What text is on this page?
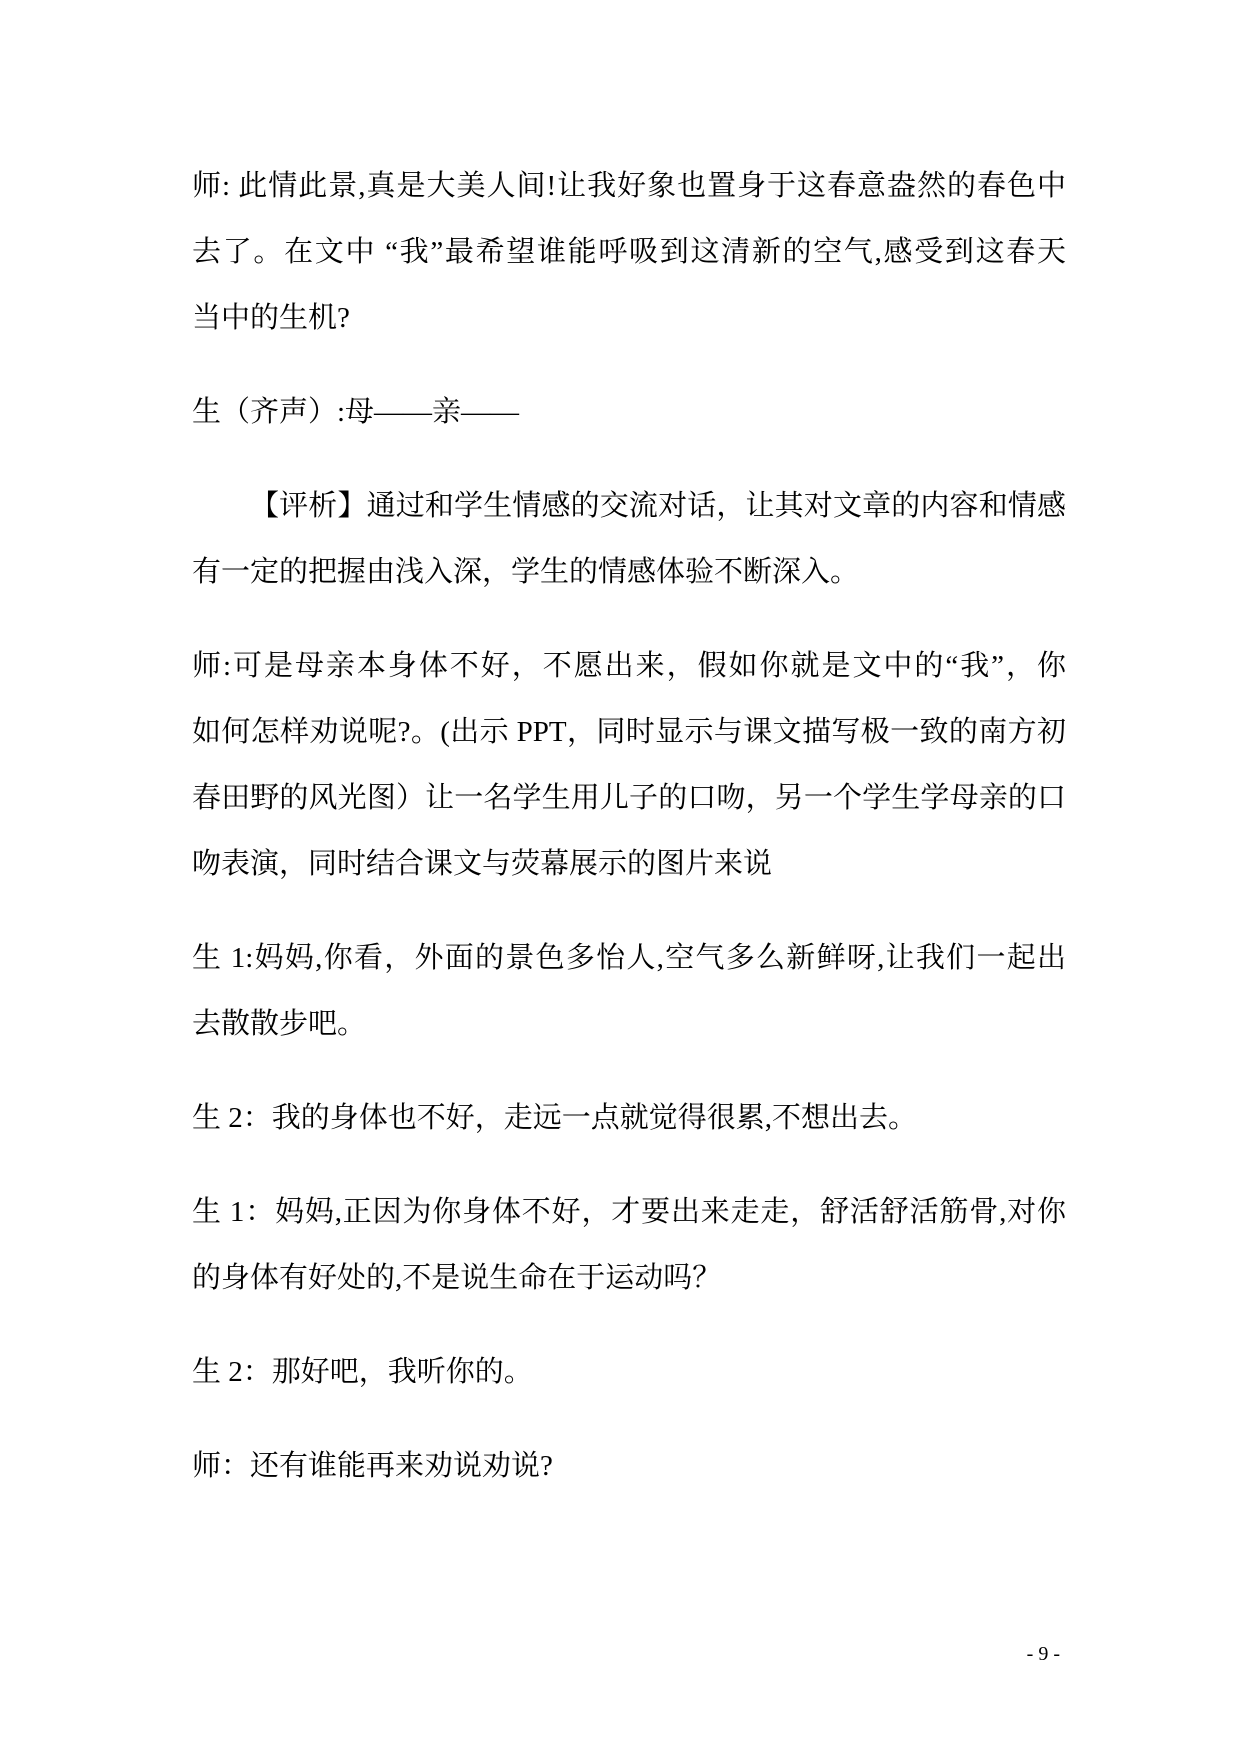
师: 此情此景,真是大美人间!让我好象也置身于这春意盎然的春色中
去了。在文中 “我”最希望谁能呼吸到这清新的空气,感受到这春天
当中的生机?
生（齐声）:母——亲——
【评析】通过和学生情感的交流对话，让其对文章的内容和情感
有一定的把握由浅入深，学生的情感体验不断深入。
师:可是母亲本身体不好，不愿出来，假如你就是文中的“我”，你
如何怎样劝说呢?。(出示 PPT，同时显示与课文描写极一致的南方初
春田野的风光图）让一名学生用儿子的口吻，另一个学生学母亲的口
吻表演，同时结合课文与荧幕展示的图片来说
生 1:妈妈,你看，外面的景色多怡人,空气多么新鲜呀,让我们一起出
去散散步吧。
生 2：我的身体也不好，走远一点就觉得很累,不想出去。
生 1：妈妈,正因为你身体不好，才要出来走走，舒活舒活筋骨,对你
的身体有好处的,不是说生命在于运动吗？
生 2：那好吧，我听你的。
师：还有谁能再来劝说劝说?
- 9 -
